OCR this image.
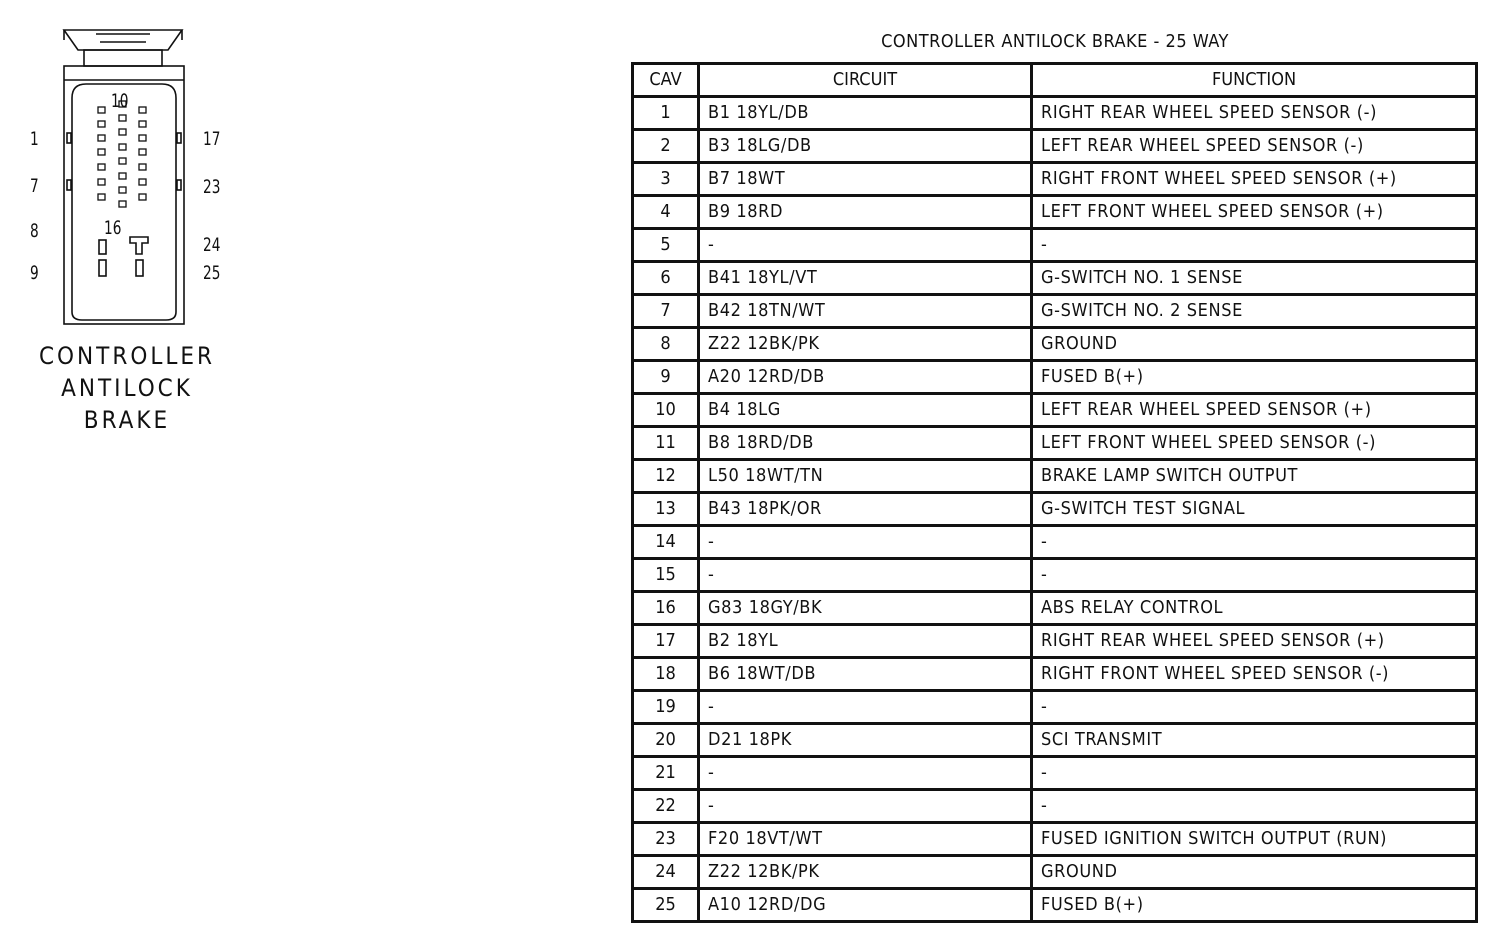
1
7
8
9
10
16
17
23
24
25
CONTROLLER
ANTILOCK
BRAKE
CONTROLLER ANTILOCK BRAKE - 25 WAY
CAV	CIRCUIT	FUNCTION
1	B1 18YL/DB	RIGHT REAR WHEEL SPEED SENSOR (-)
2	B3 18LG/DB	LEFT REAR WHEEL SPEED SENSOR (-)
3	B7 18WT	RIGHT FRONT WHEEL SPEED SENSOR (+)
4	B9 18RD	LEFT FRONT WHEEL SPEED SENSOR (+)
5	-	-
6	B41 18YL/VT	G-SWITCH NO. 1 SENSE
7	B42 18TN/WT	G-SWITCH NO. 2 SENSE
8	Z22 12BK/PK	GROUND
9	A20 12RD/DB	FUSED B(+)
10	B4 18LG	LEFT REAR WHEEL SPEED SENSOR (+)
11	B8 18RD/DB	LEFT FRONT WHEEL SPEED SENSOR (-)
12	L50 18WT/TN	BRAKE LAMP SWITCH OUTPUT
13	B43 18PK/OR	G-SWITCH TEST SIGNAL
14	-	-
15	-	-
16	G83 18GY/BK	ABS RELAY CONTROL
17	B2 18YL	RIGHT REAR WHEEL SPEED SENSOR (+)
18	B6 18WT/DB	RIGHT FRONT WHEEL SPEED SENSOR (-)
19	-	-
20	D21 18PK	SCI TRANSMIT
21	-	-
22	-	-
23	F20 18VT/WT	FUSED IGNITION SWITCH OUTPUT (RUN)
24	Z22 12BK/PK	GROUND
25	A10 12RD/DG	FUSED B(+)
